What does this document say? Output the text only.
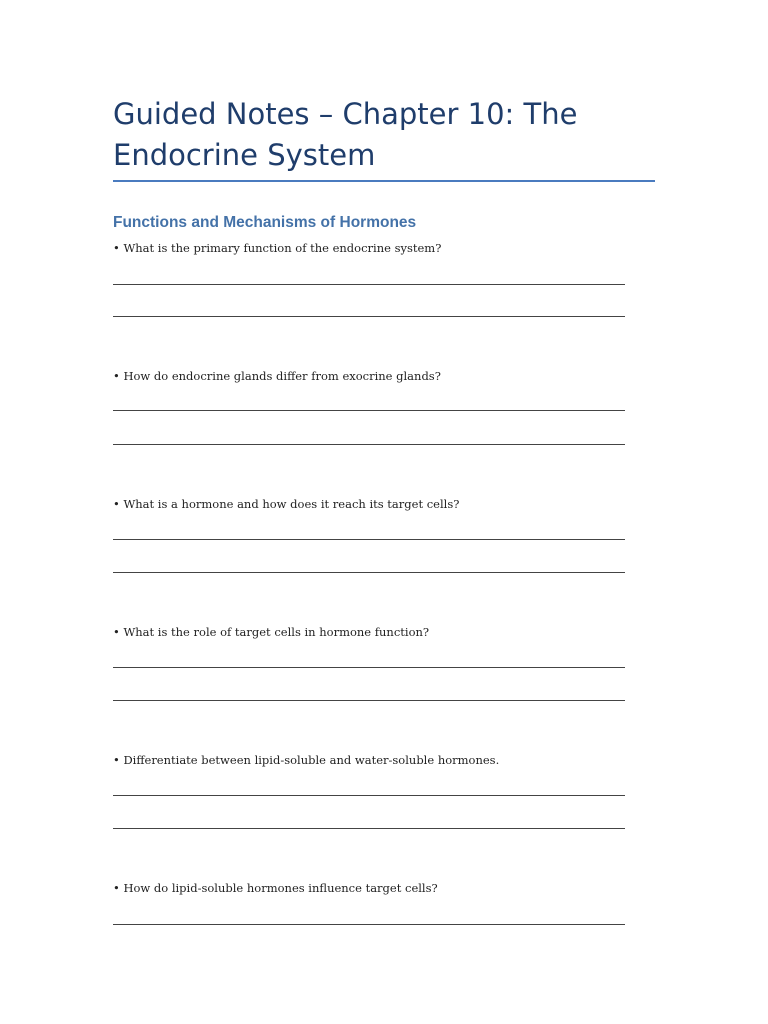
Guided Notes – Chapter 10: The Endocrine System
Functions and Mechanisms of Hormones

• What is the primary function of the endocrine system?

• How do endocrine glands differ from exocrine glands?

• What is a hormone and how does it reach its target cells?

• What is the role of target cells in hormone function?

• Differentiate between lipid-soluble and water-soluble hormones.

• How do lipid-soluble hormones influence target cells?
